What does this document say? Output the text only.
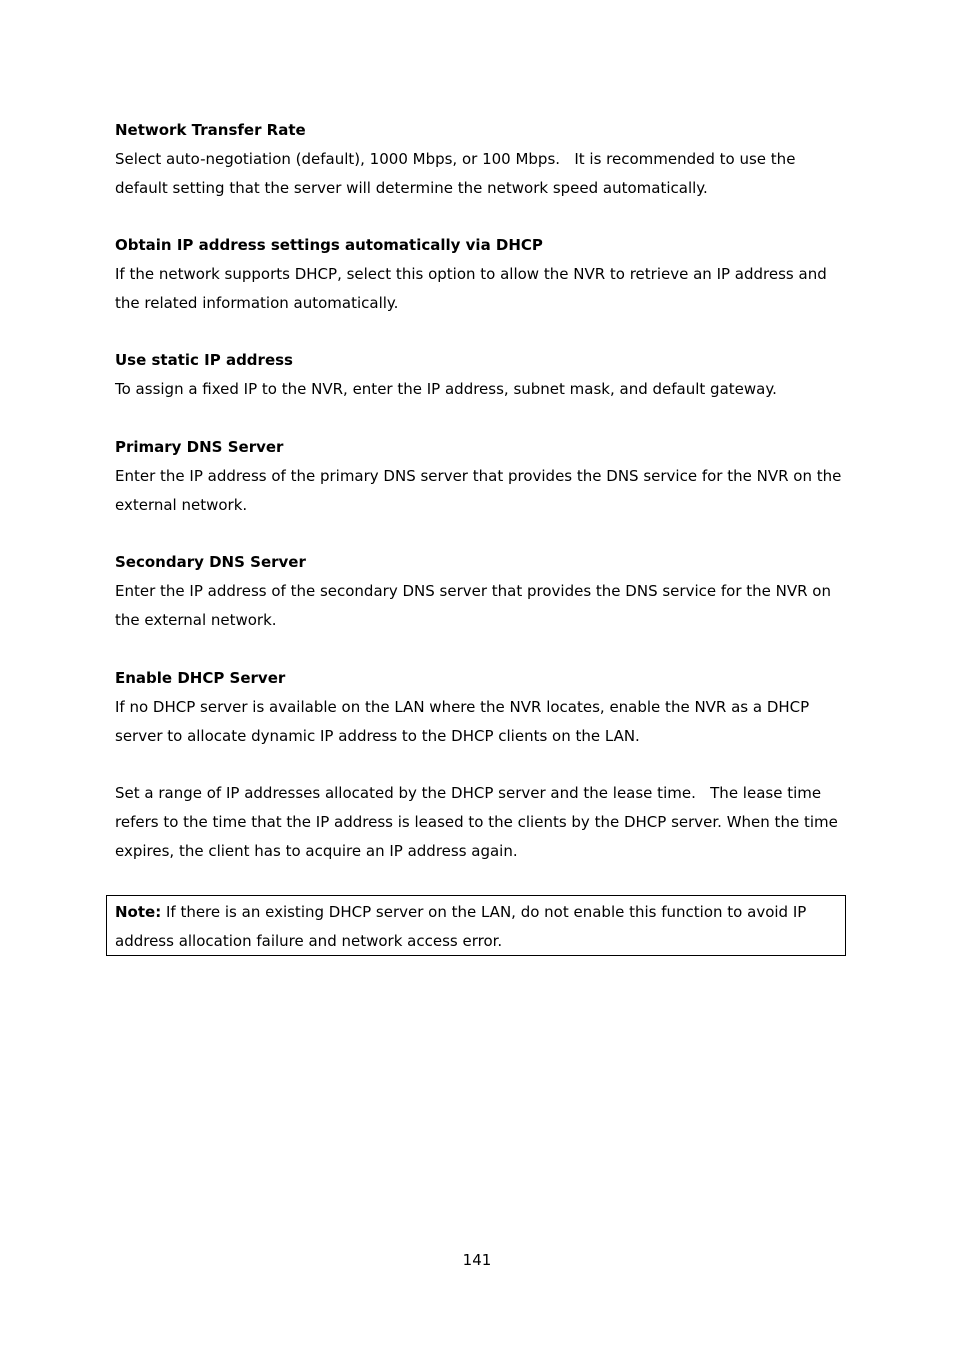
Network Transfer Rate
Select auto-negotiation (default), 1000 Mbps, or 100 Mbps.   It is recommended to use the default setting that the server will determine the network speed automatically.
Obtain IP address settings automatically via DHCP
If the network supports DHCP, select this option to allow the NVR to retrieve an IP address and the related information automatically.
Use static IP address
To assign a fixed IP to the NVR, enter the IP address, subnet mask, and default gateway.
Primary DNS Server
Enter the IP address of the primary DNS server that provides the DNS service for the NVR on the external network.
Secondary DNS Server
Enter the IP address of the secondary DNS server that provides the DNS service for the NVR on the external network.
Enable DHCP Server
If no DHCP server is available on the LAN where the NVR locates, enable the NVR as a DHCP server to allocate dynamic IP address to the DHCP clients on the LAN.
Set a range of IP addresses allocated by the DHCP server and the lease time.   The lease time refers to the time that the IP address is leased to the clients by the DHCP server. When the time expires, the client has to acquire an IP address again.
Note: If there is an existing DHCP server on the LAN, do not enable this function to avoid IP address allocation failure and network access error.
141
